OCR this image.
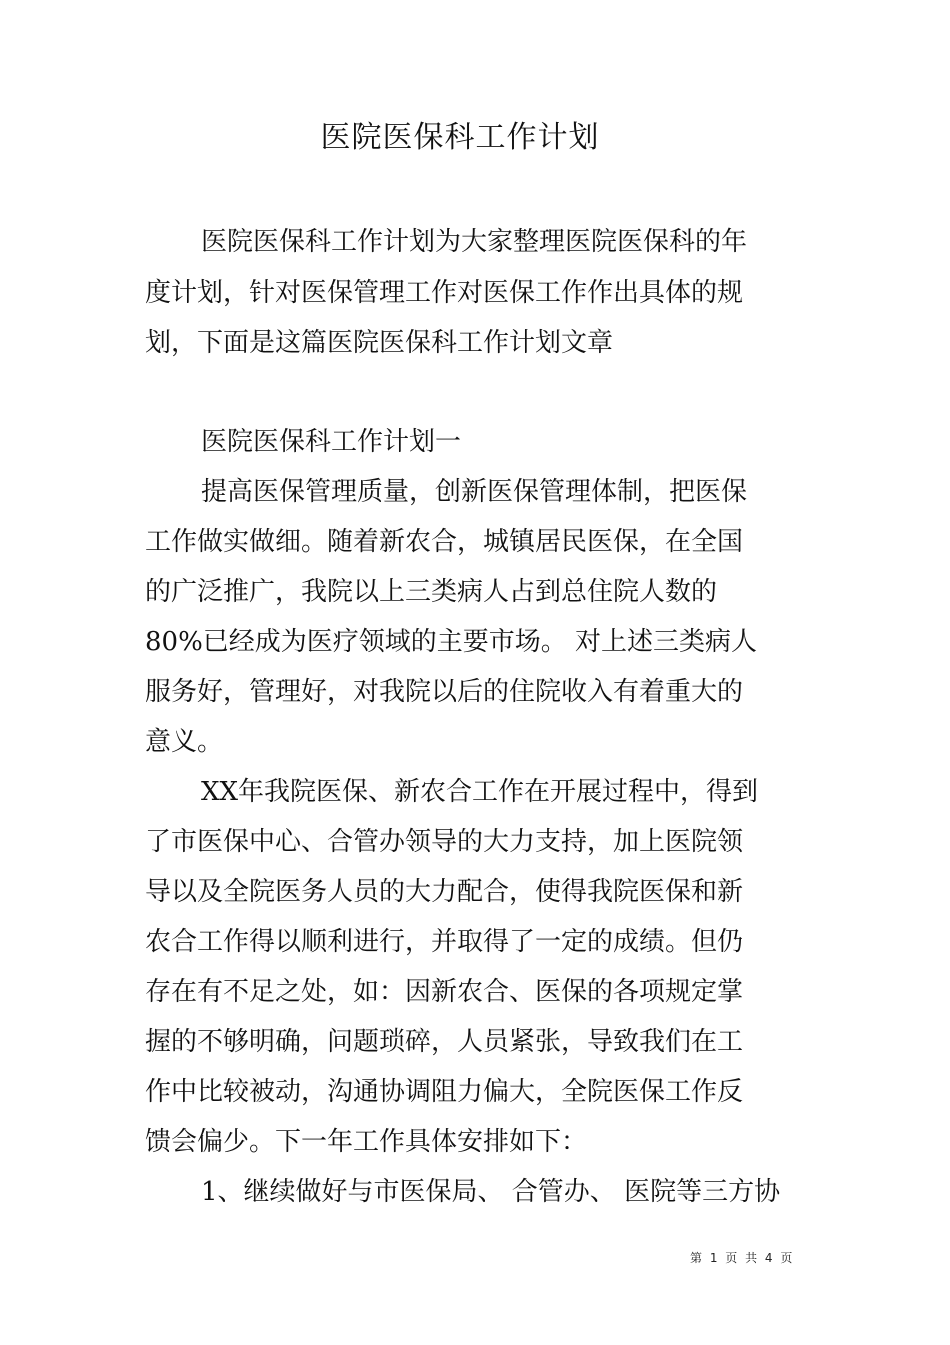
医院医保科工作计划
医院医保科工作计划为大家整理医院医保科的年
度计划，针对医保管理工作对医保工作作出具体的规
划，下面是这篇医院医保科工作计划文章
医院医保科工作计划一
提高医保管理质量，创新医保管理体制，把医保
工作做实做细。随着新农合，城镇居民医保，在全国
的广泛推广，我院以上三类病人占到总住院人数的
80%已经成为医疗领域的主要市场。 对上述三类病人
服务好，管理好，对我院以后的住院收入有着重大的
意义。
XX年我院医保、新农合工作在开展过程中，得到
了市医保中心、合管办领导的大力支持，加上医院领
导以及全院医务人员的大力配合，使得我院医保和新
农合工作得以顺利进行，并取得了一定的成绩。但仍
存在有不足之处，如：因新农合、医保的各项规定掌
握的不够明确，问题琐碎，人员紧张，导致我们在工
作中比较被动，沟通协调阻力偏大，全院医保工作反
馈会偏少。下一年工作具体安排如下：
1、继续做好与市医保局、 合管办、 医院等三方协
第 1 页 共 4 页
